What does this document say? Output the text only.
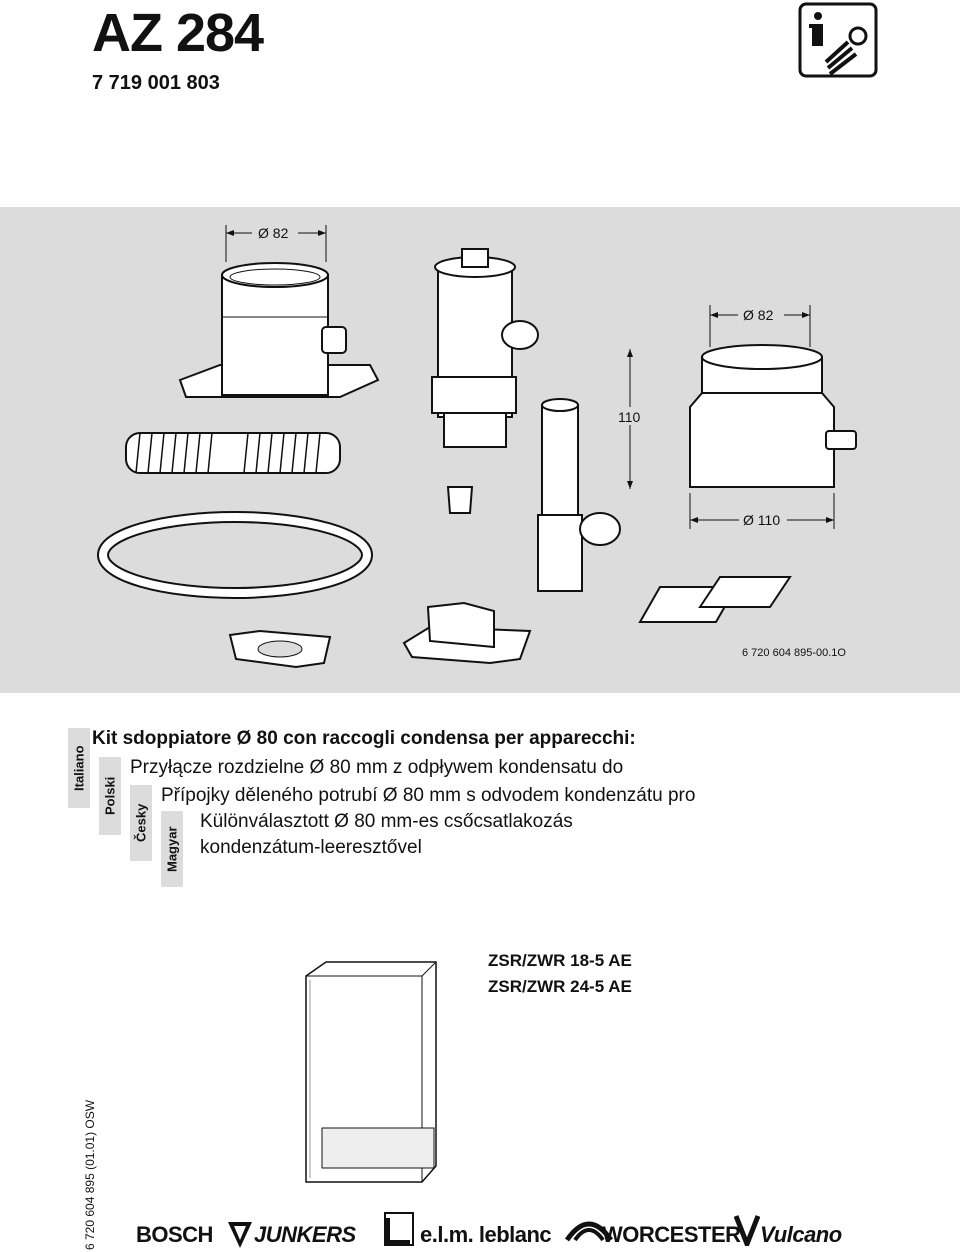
AZ 284
7 719 001 803
Ø 82
Ø 82
110
Ø 110
6 720 604 895-00.1O
Italiano
Polski
Česky
Magyar
Kit sdoppiatore Ø 80 con raccogli condensa per apparecchi:
Przyłącze rozdzielne Ø 80 mm z odpływem kondensatu do
Přípojky děleného potrubí Ø 80 mm s odvodem kondenzátu pro
Különválasztott Ø 80 mm-es csőcsatlakozás
kondenzátum-leeresztővel
ZSR/ZWR 18-5 AE
ZSR/ZWR 24-5 AE
6 720 604 895 (01.01) OSW	BOSCH JUNKERS	e.l.m. leblanc WORCESTER Vulcano
